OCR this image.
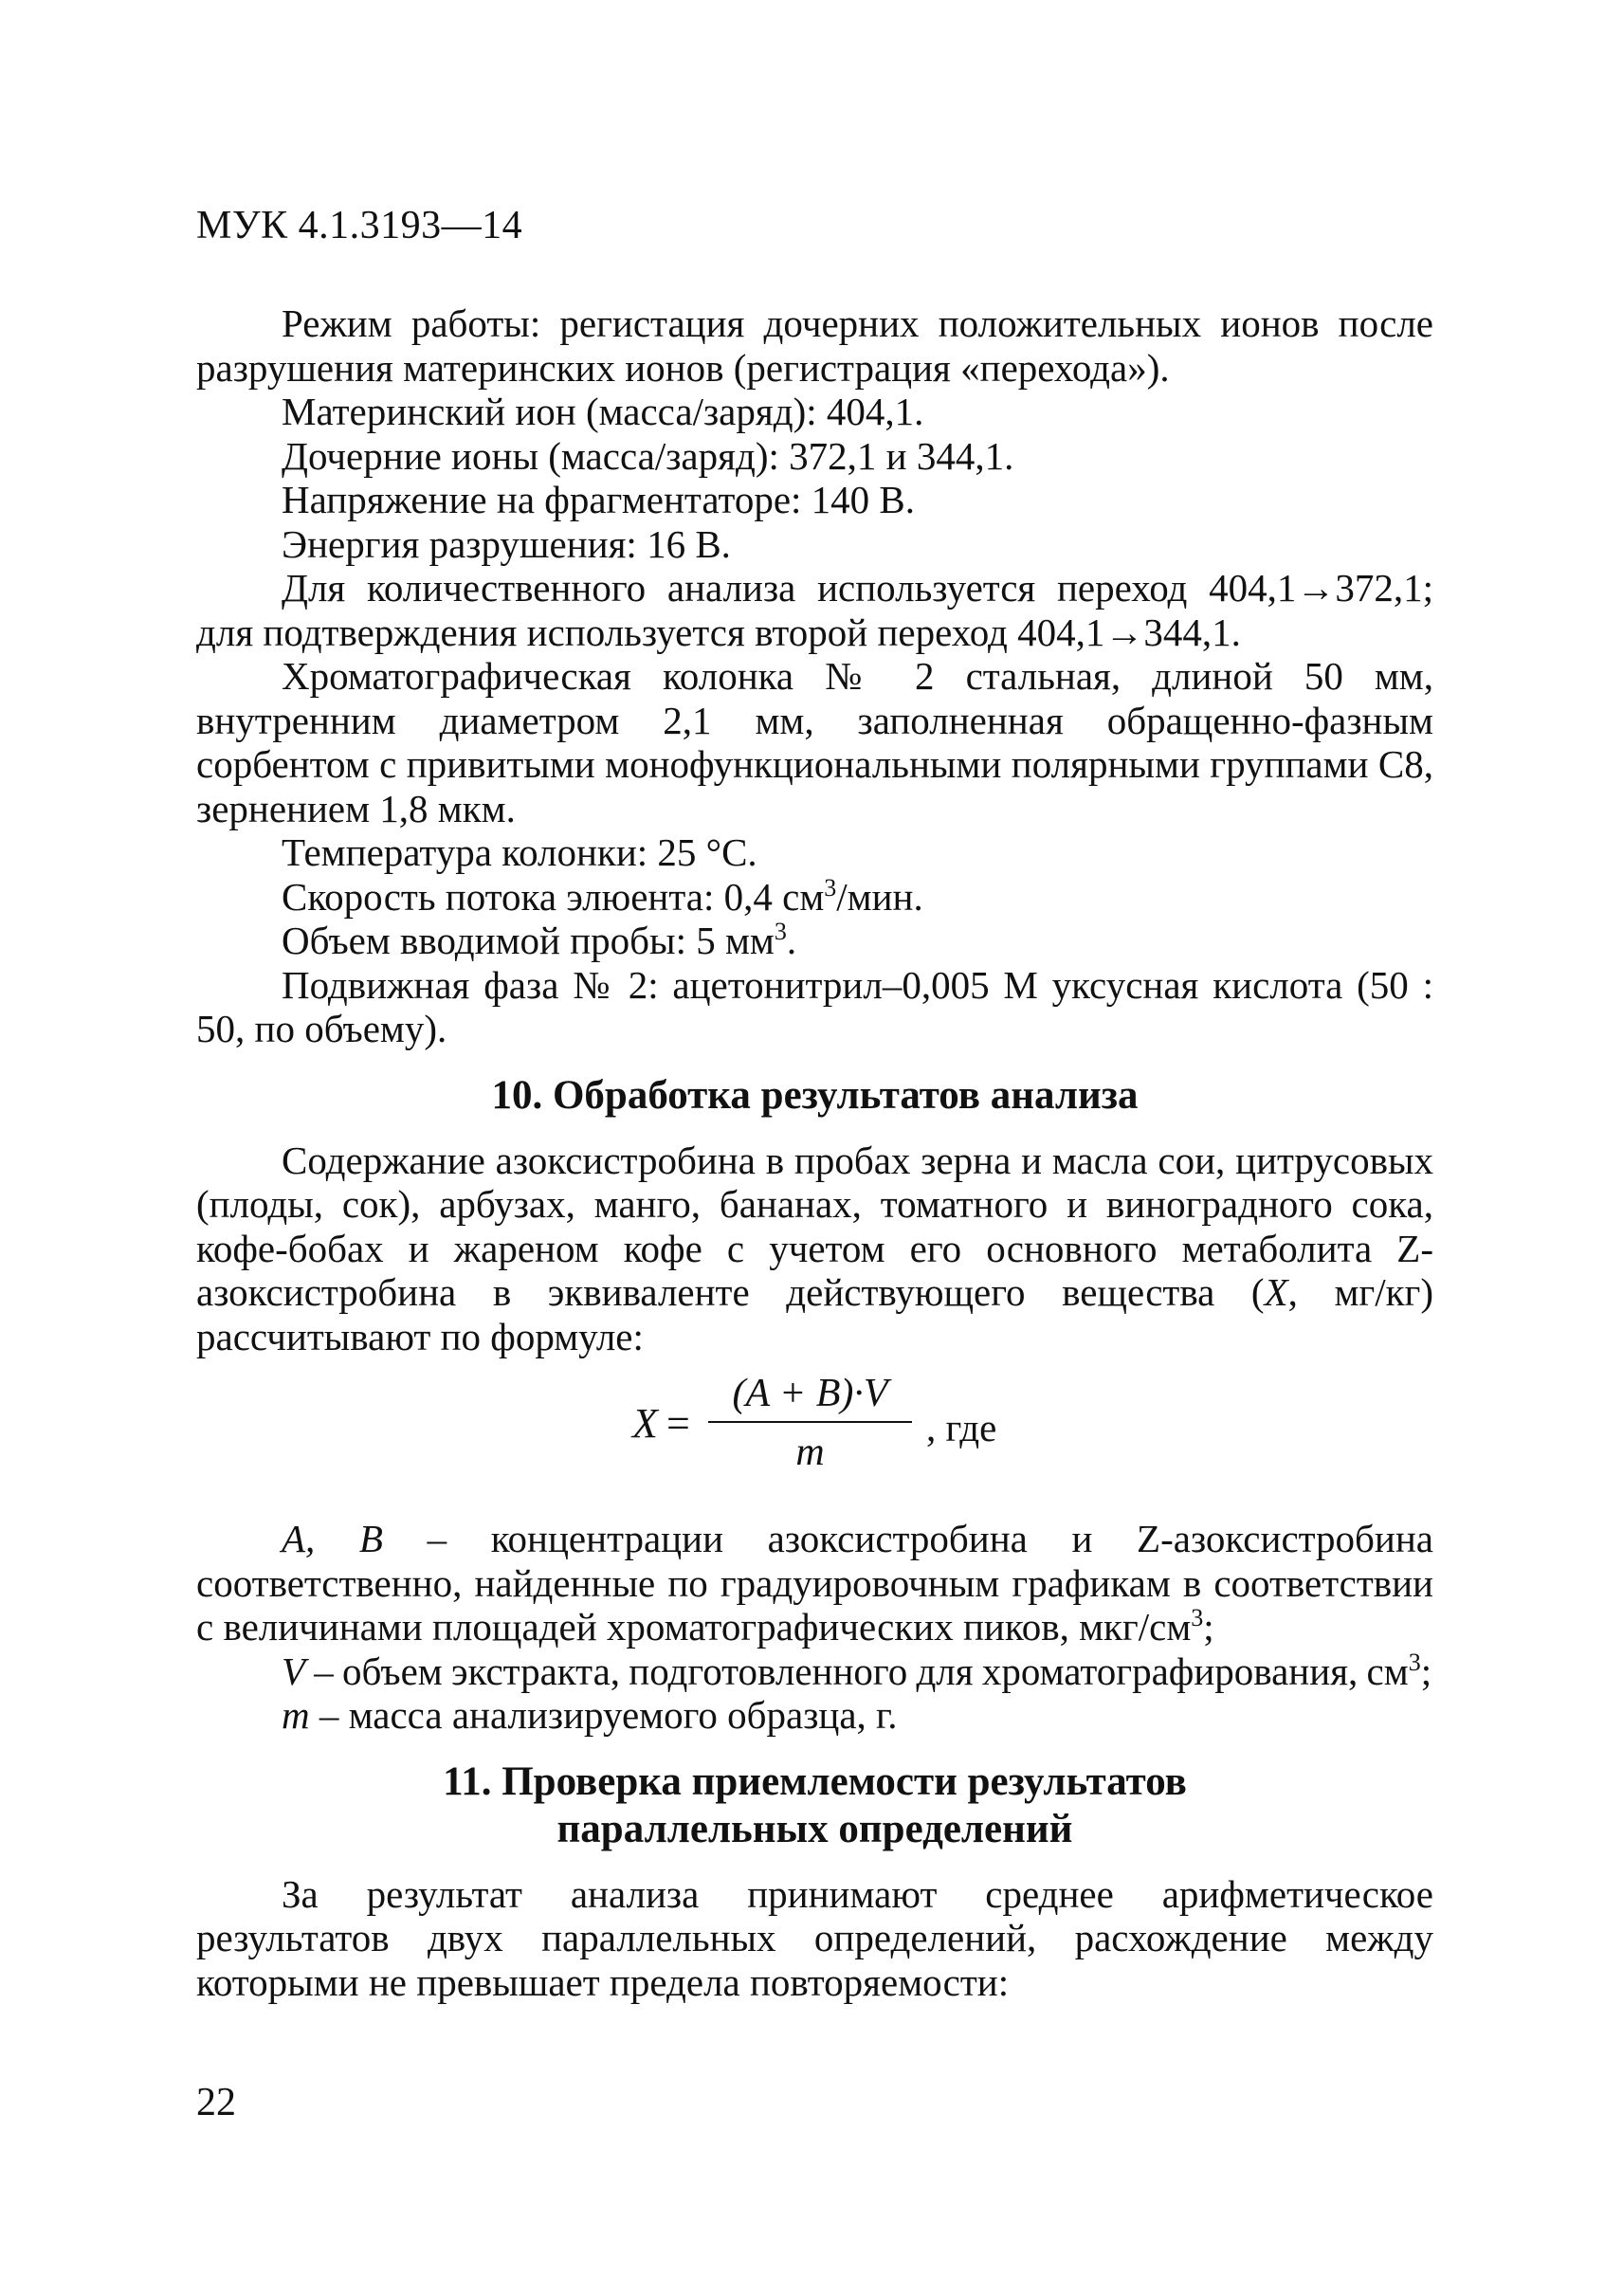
МУК 4.1.3193—14

Режим работы: регистация дочерних положительных ионов после разрушения материнских ионов (регистрация «перехода»).

Материнский ион (масса/заряд): 404,1.

Дочерние ионы (масса/заряд): 372,1 и 344,1.

Напряжение на фрагментаторе: 140 В.

Энергия разрушения: 16 В.

Для количественного анализа используется переход 404,1→372,1; для подтверждения используется второй переход 404,1→344,1.

Хроматографическая колонка № 2 стальная, длиной 50 мм, внутренним диаметром 2,1 мм, заполненная обращенно-фазным сорбентом с привитыми монофункциональными полярными группами C8, зернением 1,8 мкм.

Температура колонки: 25 °С.

Скорость потока элюента: 0,4 $см^3$/мин.

Объем вводимой пробы: 5 $мм^3$.

Подвижная фаза № 2: ацетонитрил–0,005 М уксусная кислота (50 : 50, по объему).

10. Обработка результатов анализа

Содержание азоксистробина в пробах зерна и масла сои, цитрусовых (плоды, сок), арбузах, манго, бананах, томатного и виноградного сока, кофе-бобах и жареном кофе с учетом его основного метаболита Z-азоксистробина в эквиваленте действующего вещества (X, мг/кг) рассчитывают по формуле:

X =
(A + B)·V
m
, где

A, B – концентрации азоксистробина и Z-азоксистробина соответственно, найденные по градуировочным графикам в соответствии с величинами площадей хроматографических пиков, мкг/$см^3$;

V – объем экстракта, подготовленного для хроматографирования, $см^3$;

m – масса анализируемого образца, г.

11. Проверка приемлемости результатов
параллельных определений

За результат анализа принимают среднее арифметическое результатов двух параллельных определений, расхождение между которыми не превышает предела повторяемости:

22
